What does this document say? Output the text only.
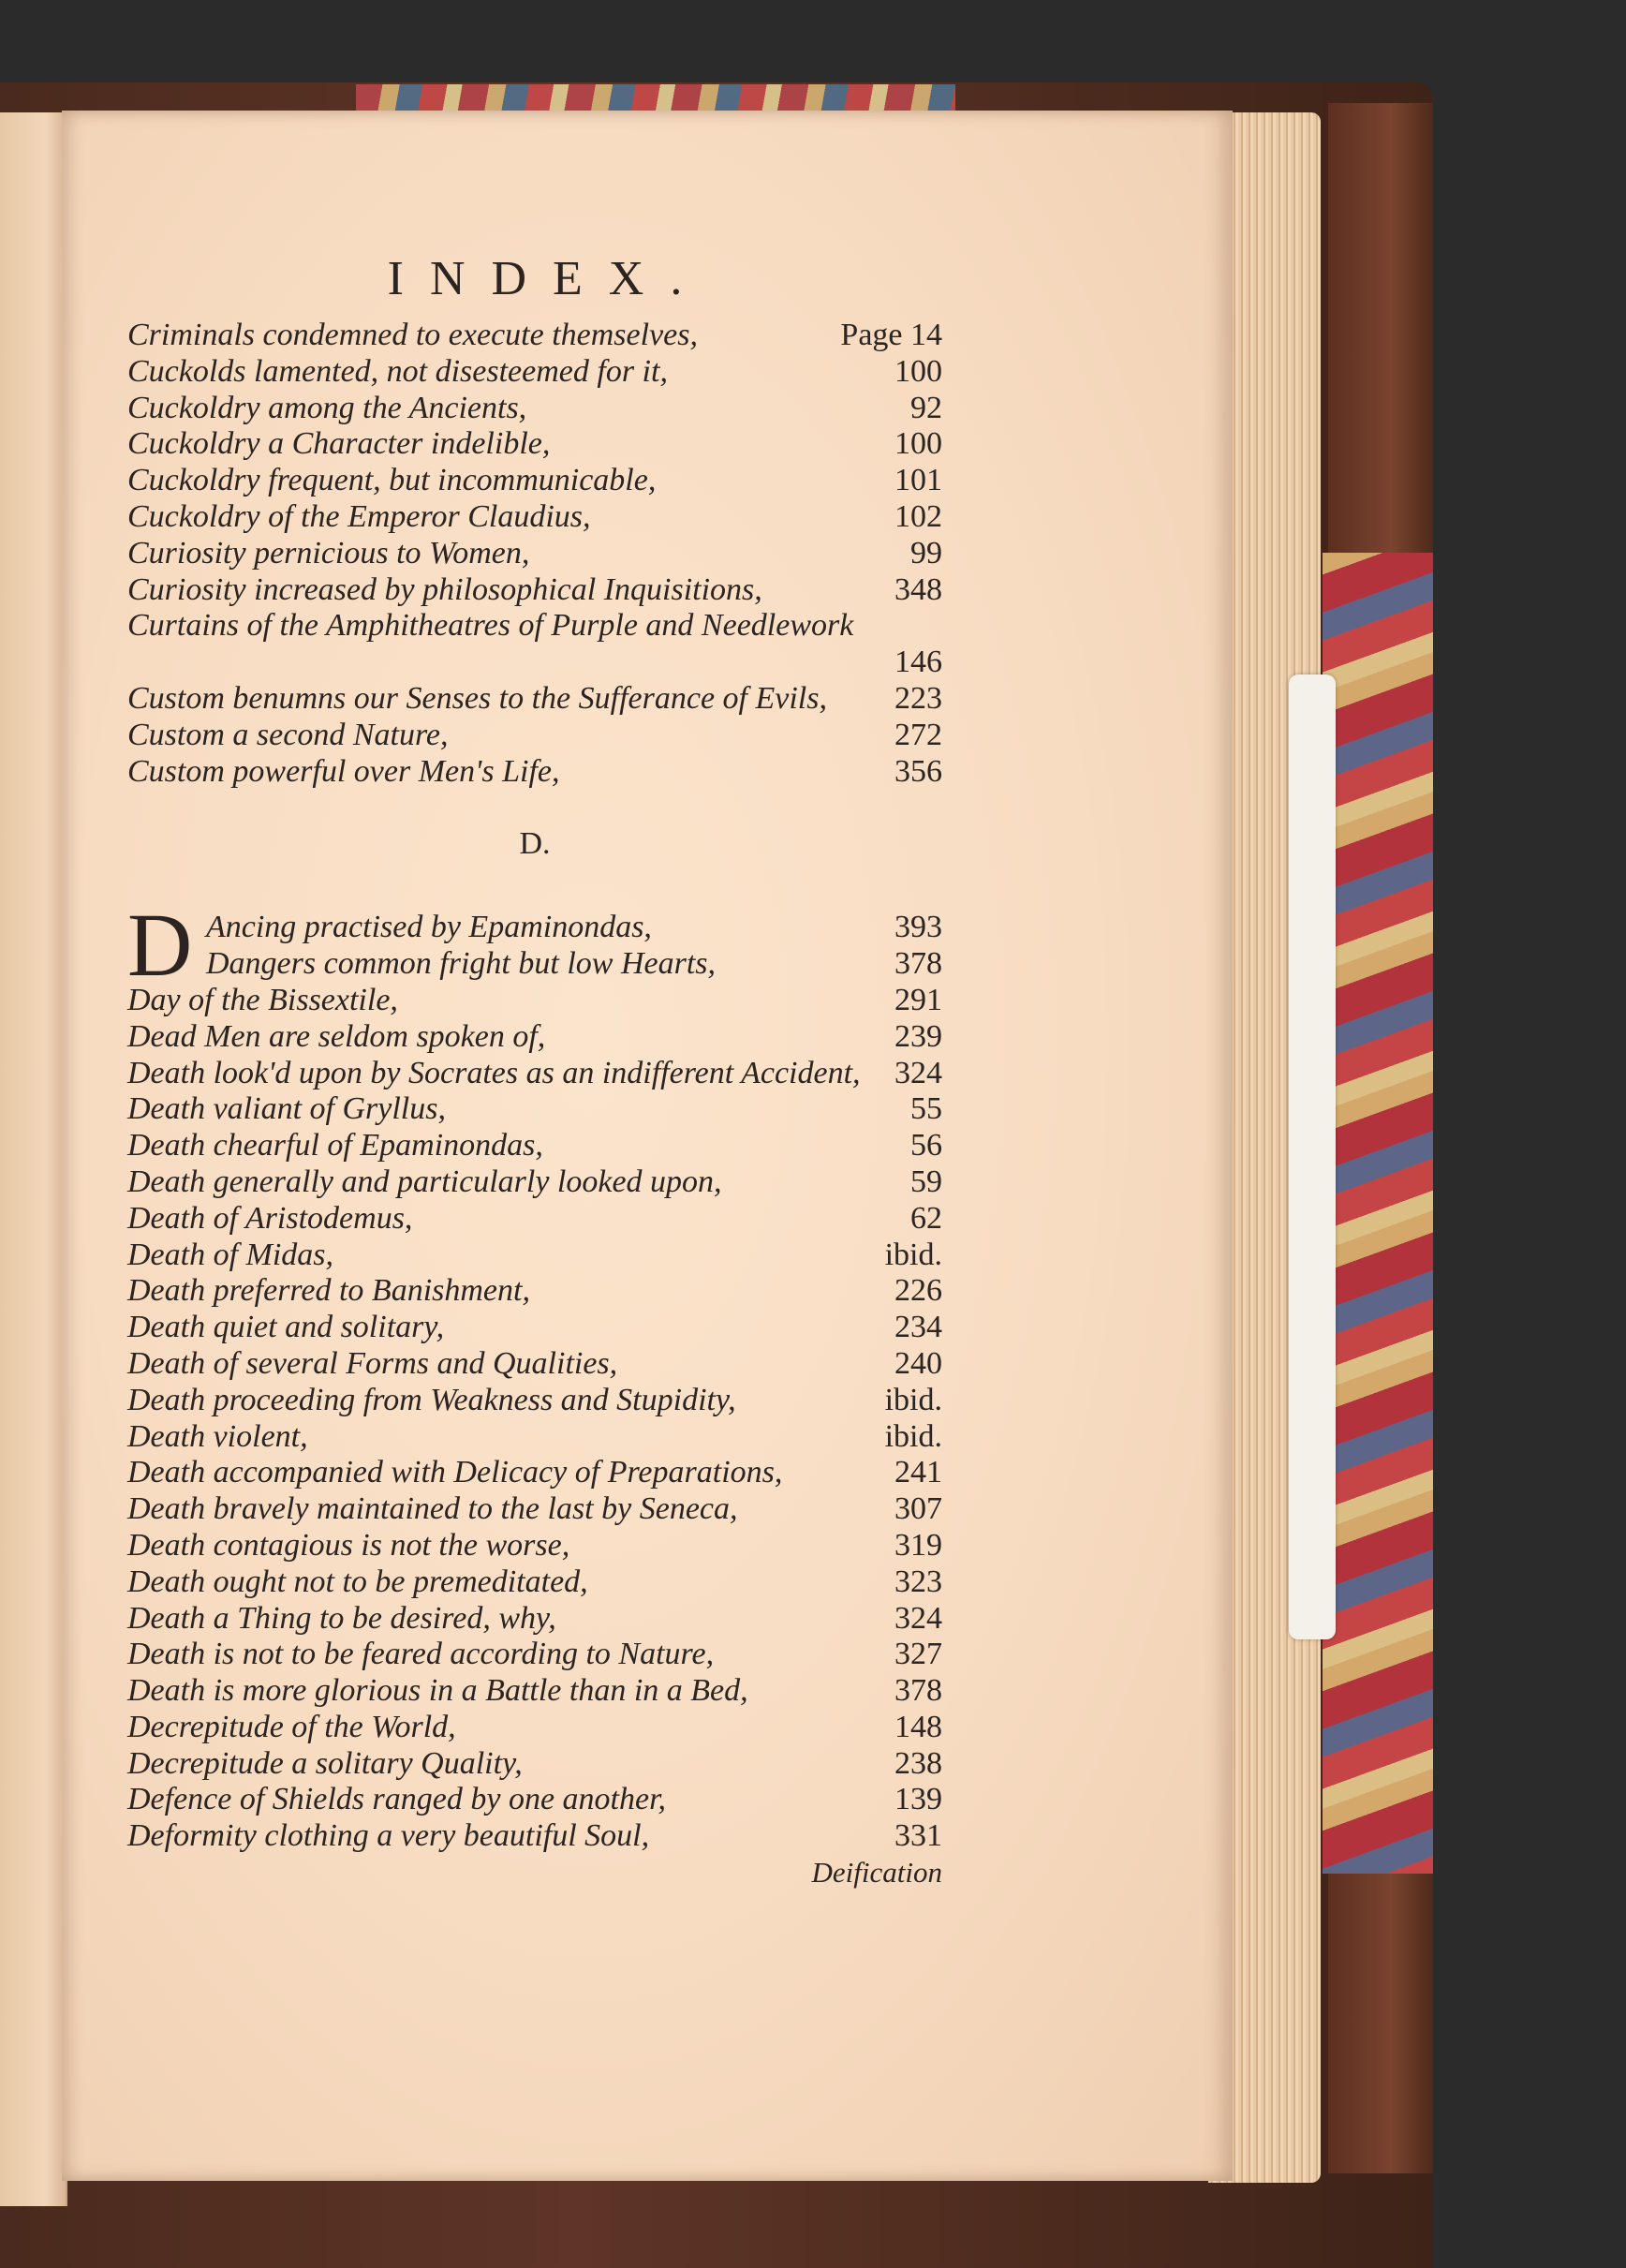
INDEX.
Criminals condemned to execute themselves,	Page 14
Cuckolds lamented, not disesteemed for it,	100
Cuckoldry among the Ancients,	92
Cuckoldry a Character indelible,	100
Cuckoldry frequent, but incommunicable,	101
Cuckoldry of the Emperor Claudius,	102
Curiosity pernicious to Women,	99
Curiosity increased by philosophical Inquisitions,	348
Curtains of the Amphitheatres of Purple and Needlework
146
Custom benumns our Senses to the Sufferance of Evils, 223
Custom a second Nature,	272
Custom powerful over Men's Life,	356
D.
D Ancing practised by Epaminondas,	393
Dangers common fright but low Hearts,	378
Day of the Bissextile,	291
Dead Men are seldom spoken of,	239
Death look'd upon by Socrates as an indifferent Accident, 324
Death valiant of Gryllus,	55
Death chearful of Epaminondas,	56
Death generally and particularly looked upon,	59
Death of Aristodemus,	62
Death of Midas,	ibid.
Death preferred to Banishment,	226
Death quiet and solitary,	234
Death of several Forms and Qualities,	240
Death proceeding from Weakness and Stupidity,	ibid.
Death violent,	ibid.
Death accompanied with Delicacy of Preparations,	241
Death bravely maintained to the last by Seneca,	307
Death contagious is not the worse,	319
Death ought not to be premeditated,	323
Death a Thing to be desired, why,	324
Death is not to be feared according to Nature,	327
Death is more glorious in a Battle than in a Bed,	378
Decrepitude of the World,	148
Decrepitude a solitary Quality,	238
Defence of Shields ranged by one another,	139
Deformity clothing a very beautiful Soul,	331
Deification
